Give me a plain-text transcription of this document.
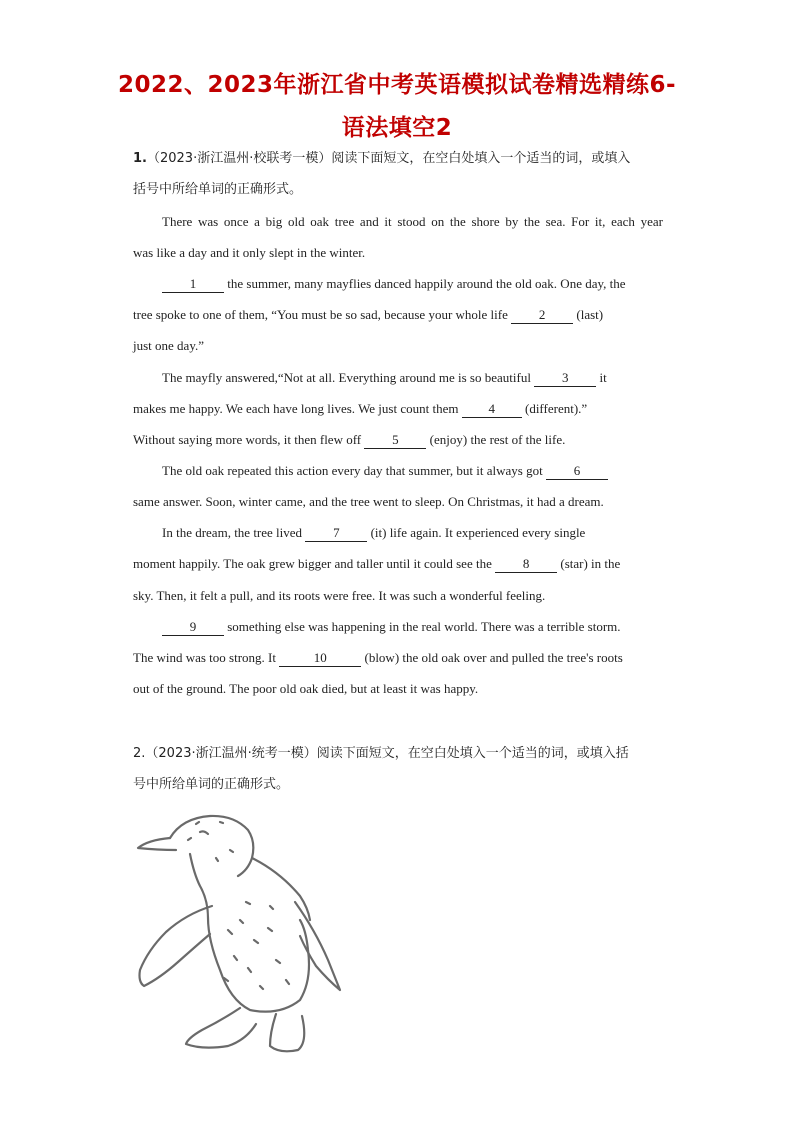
2022、2023年浙江省中考英语模拟试卷精选精练6-
语法填空2
1.（2023·浙江温州·校联考一模）阅读下面短文，在空白处填入一个适当的词，或填入
括号中所给单词的正确形式。
There was once a big old oak tree and it stood on the shore by the sea. For it, each year
was like a day and it only slept in the winter.
1 the summer, many mayflies danced happily around the old oak. One day, the
tree spoke to one of them, “You must be so sad, because your whole life 2 (last)
just one day.”
The mayfly answered,“Not at all. Everything around me is so beautiful 3 it
makes me happy. We each have long lives. We just count them 4 (different).”
Without saying more words, it then flew off 5 (enjoy) the rest of the life.
The old oak repeated this action every day that summer, but it always got 6
same answer. Soon, winter came, and the tree went to sleep. On Christmas, it had a dream.
In the dream, the tree lived 7 (it) life again. It experienced every single
moment happily. The oak grew bigger and taller until it could see the 8 (star) in the
sky. Then, it felt a pull, and its roots were free. It was such a wonderful feeling.
9 something else was happening in the real world. There was a terrible storm.
The wind was too strong. It	10	(blow) the old oak over and pulled the tree's roots
out of the ground. The poor old oak died, but at least it was happy.
2.（2023·浙江温州·统考一模）阅读下面短文，在空白处填入一个适当的词，或填入括
号中所给单词的正确形式。
